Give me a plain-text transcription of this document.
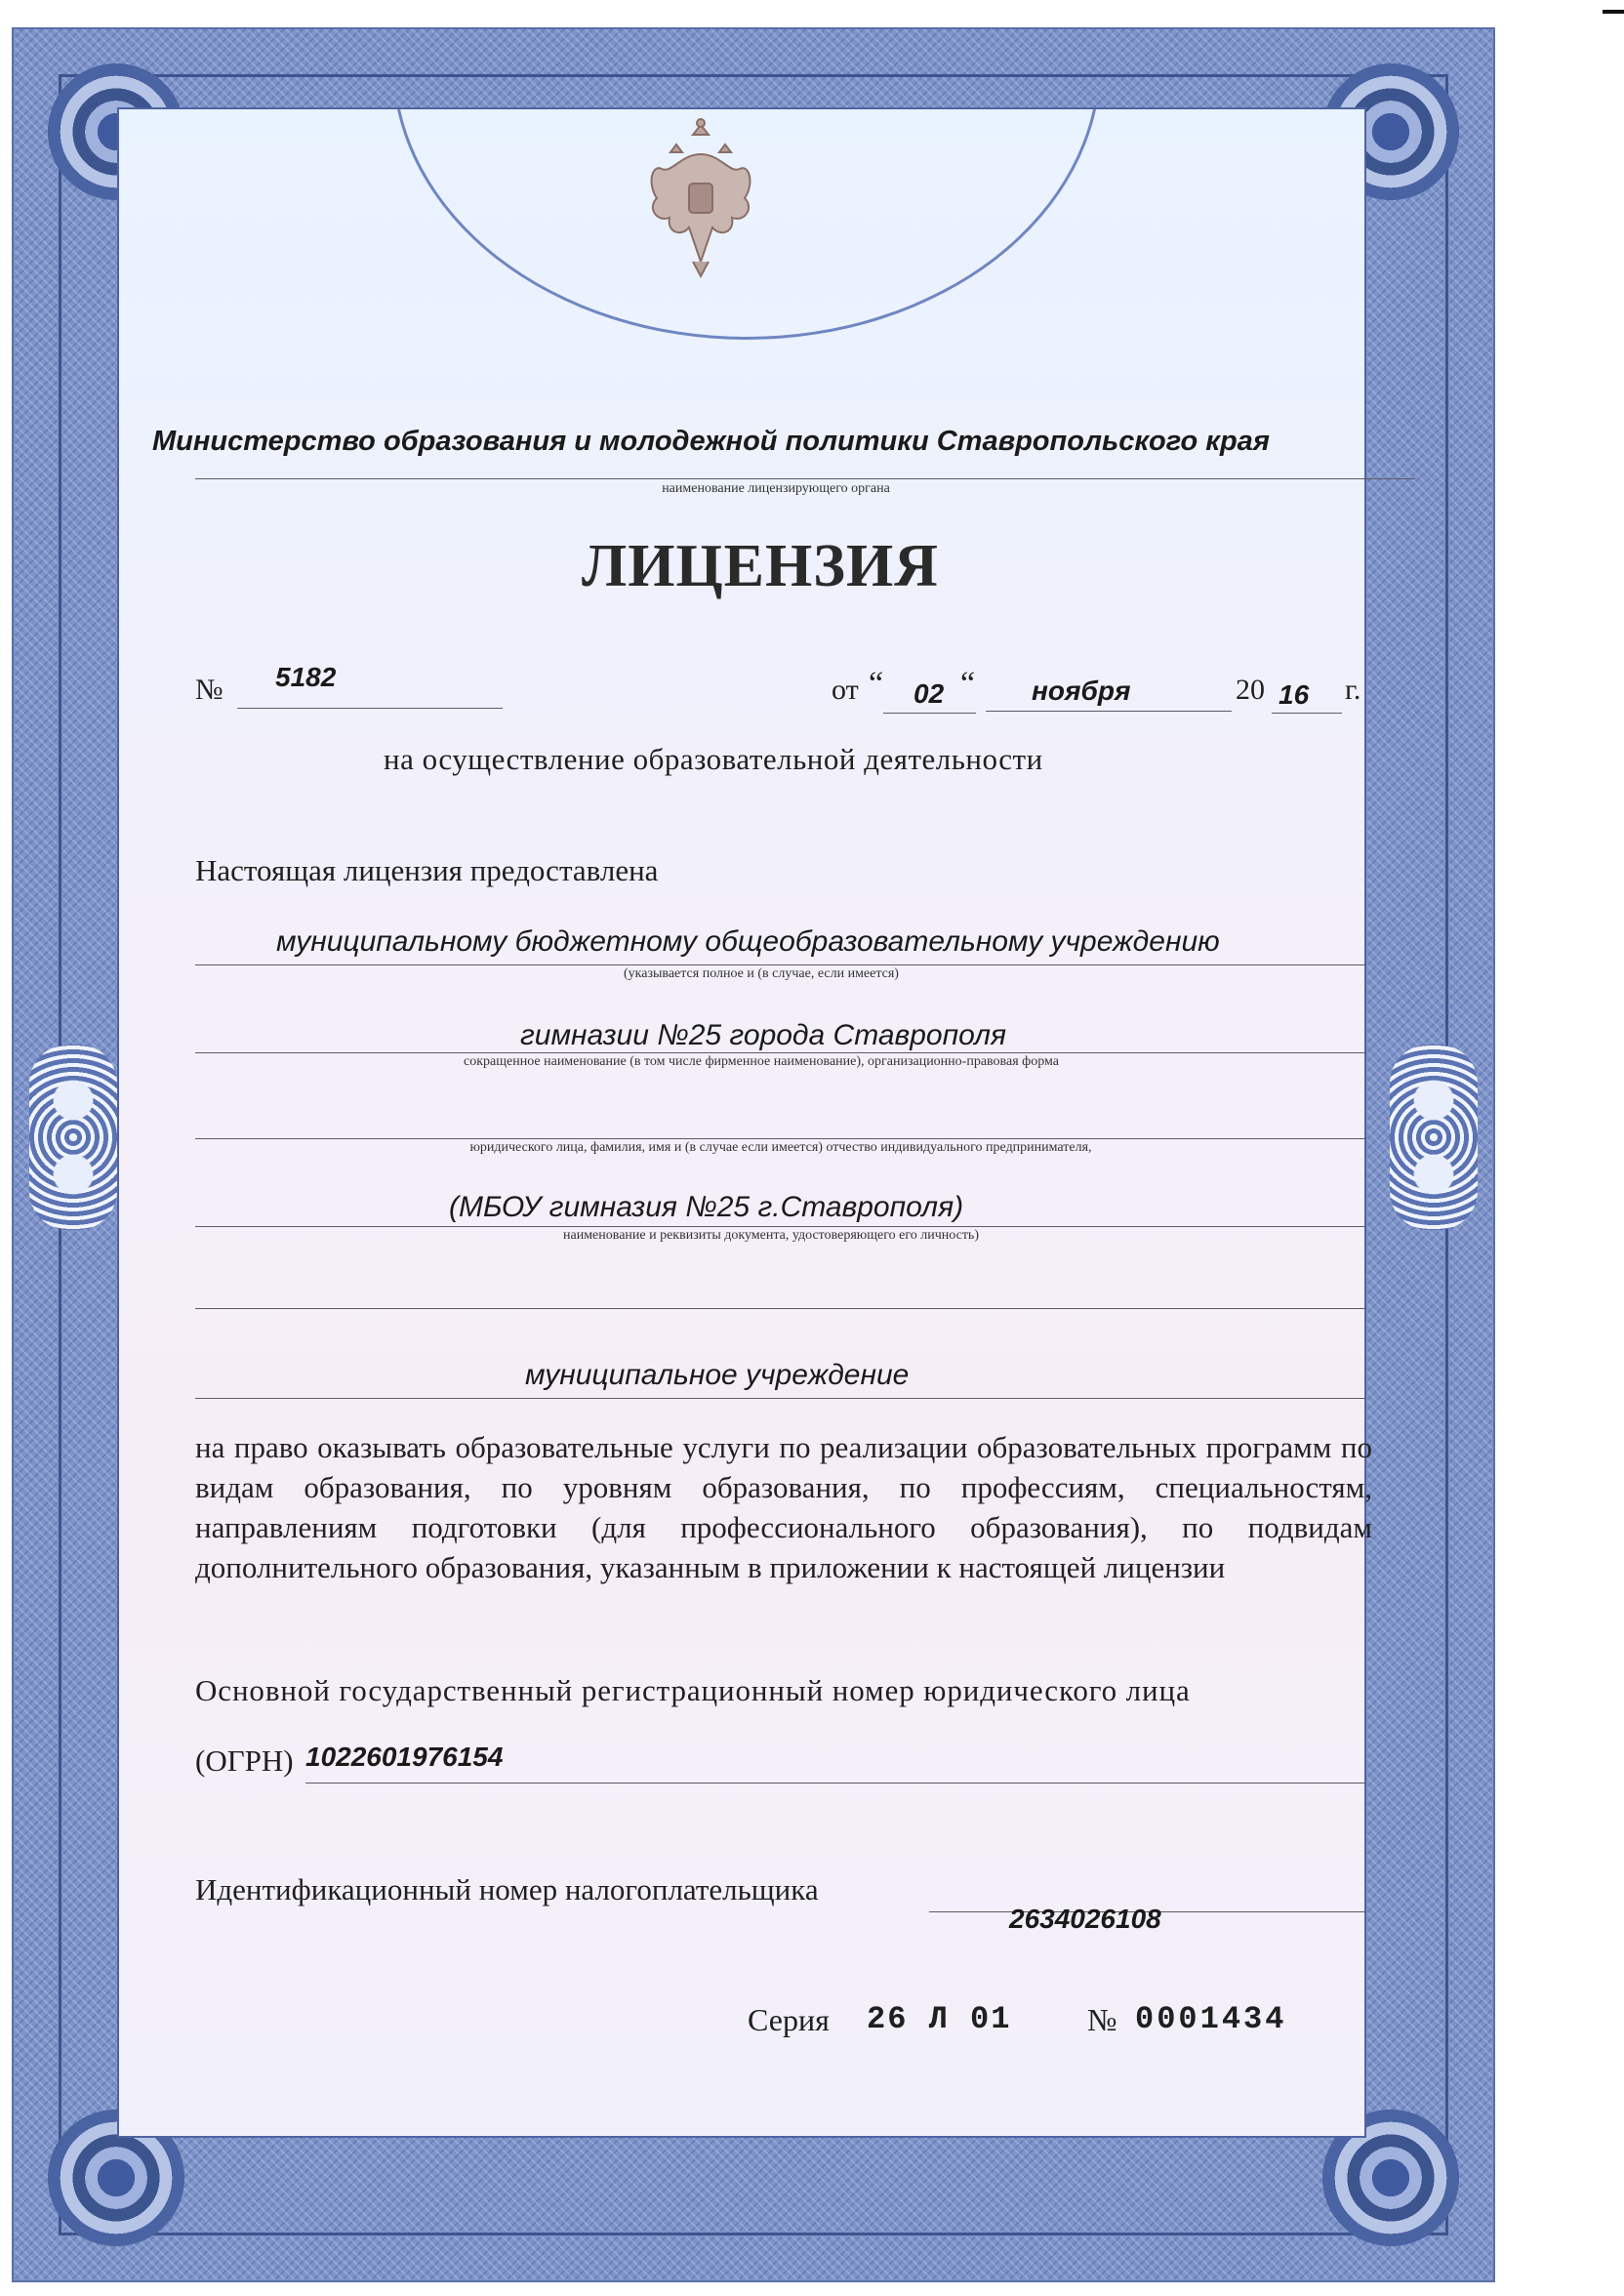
Министерство образования и молодежной политики Ставропольского края
наименование лицензирующего органа
ЛИЦЕНЗИЯ
№ 5182	от “ 02 “ ноября	20 16 г.
на осуществление образовательной деятельности
Настоящая лицензия предоставлена
муниципальному бюджетному общеобразовательному учреждению
(указывается полное и (в случае, если имеется)
гимназии №25 города Ставрополя
сокращенное наименование (в том числе фирменное наименование), организационно-правовая форма
юридического лица, фамилия, имя и (в случае если имеется) отчество индивидуального предпринимателя,
(МБОУ гимназия №25 г.Ставрополя)
наименование и реквизиты документа, удостоверяющего его личность)
муниципальное учреждение
на право оказывать образовательные услуги по реализации образовательных программ по видам образования, по уровням образования, по профессиям, специальностям, направлениям подготовки (для профессионального образования), по подвидам дополнительного образования, указанным в приложении к настоящей лицензии
Основной государственный регистрационный номер юридического лица
(ОГРН) 1022601976154
Идентификационный номер налогоплательщика
2634026108
Серия 26 Л 01 № 0001434
